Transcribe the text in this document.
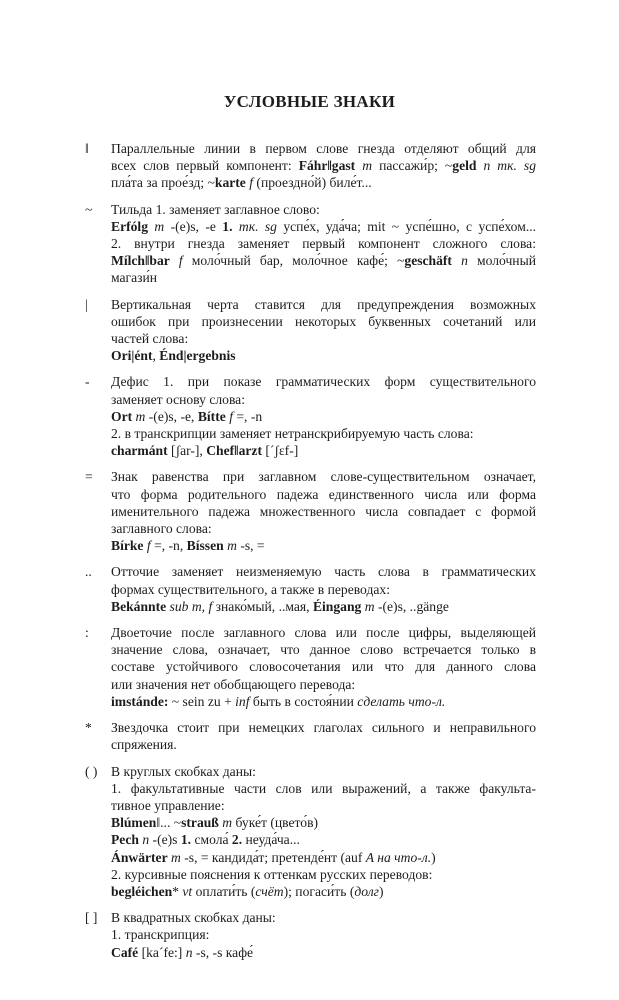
УСЛОВНЫЕ ЗНАКИ
‖	Параллельные линии в первом слове гнезда отделяют общий для
всех слов первый компонент: Fáhr‖gast m пассажи́р; ~geld n тк. sg
пла́та за прое́зд; ~karte f (проездно́й) биле́т...
~	Тильда 1. заменяет заглавное слово:
Erfólg m -(e)s, -e 1. тк. sg успе́х, уда́ча; mit ~ успе́шно, с успе́хом...
2. внутри гнезда заменяет первый компонент сложного слова:
Mílch‖bar f моло́чный бар, моло́чное кафе́; ~geschäft n моло́чный
магази́н
|	Вертикальная черта ставится для предупреждения возможных
ошибок при произнесении некоторых буквенных сочетаний или
частей слова:
Ori|ént, Énd|ergebnis
-	Дефис 1. при показе грамматических форм существительного
заменяет основу слова:
Ort m -(e)s, -e, Bítte f =, -n
2. в транскрипции заменяет нетранскрибируемую часть слова:
charmánt [ʃar-], Chef‖arzt [ˊʃɛf-]
=	Знак равенства при заглавном слове-существительном означает,
что форма родительного падежа единственного числа или форма
именительного падежа множественного числа совпадает с формой
заглавного слова:
Bírke f =, -n, Bíssen m -s, =
..	Отточие заменяет неизменяемую часть слова в грамматических
формах существительного, а также в переводах:
Bekánnte sub m, f знако́мый, ..мая, Éingang m -(e)s, ..gänge
:	Двоеточие после заглавного слова или после цифры, выделяющей
значение слова, означает, что данное слово встречается только в
составе устойчивого словосочетания или что для данного слова
или значения нет обобщающего перевода:
imstánde: ~ sein zu + inf быть в состоя́нии сделать что-л.
*	Звездочка стоит при немецких глаголах сильного и неправильного
спряжения.
( ) В круглых скобках даны:
1. факультативные части слов или выражений, а также факульта-
тивное управление:
Blúmen‖... ~strauß m буке́т (цвето́в)
Pech n -(e)s 1. смола́ 2. неуда́ча...
Ánwärter m -s, = кандида́т; претенде́нт (auf A на что-л.)
2. курсивные пояснения к оттенкам русских переводов:
begléichen* vt оплати́ть (счёт); погаси́ть (долг)
[ ] В квадратных скобках даны:
1. транскрипция:
Café [kaˊfe:] n -s, -s кафе́
